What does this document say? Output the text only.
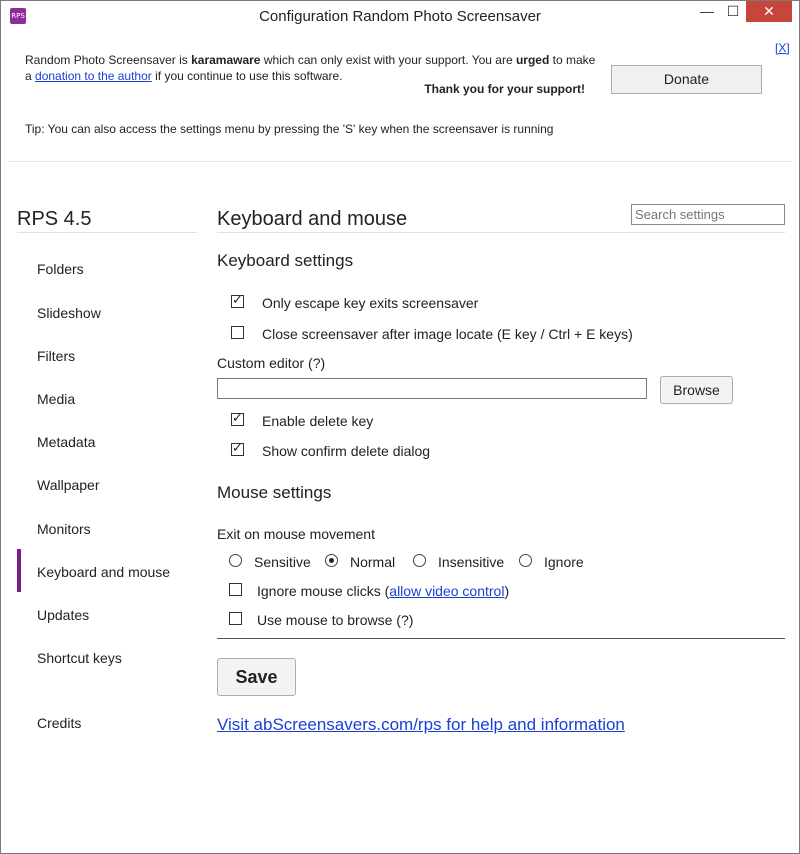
RPS	Configuration Random Photo Screensaver	— ☐	✕
Random Photo Screensaver is karamaware which can only exist with your support. You are urged to make a donation to the author if you continue to use this software.
Thank you for your support!
Donate
[X]
Tip: You can also access the settings menu by pressing the 'S' key when the screensaver is running
RPS 4.5
Folders
Slideshow
Filters
Media
Metadata
Wallpaper
Monitors
Keyboard and mouse
Updates
Shortcut keys
Credits
Keyboard and mouse
Search settings
Keyboard settings
✓
Only escape key exits screensaver
Close screensaver after image locate (E key / Ctrl + E keys)
Custom editor (?)
Browse
✓
Enable delete key
✓
Show confirm delete dialog
Mouse settings
Exit on mouse movement
Sensitive	Normal	Insensitive	Ignore
Ignore mouse clicks (allow video control)
Use mouse to browse (?)
Save
Visit abScreensavers.com/rps for help and information
